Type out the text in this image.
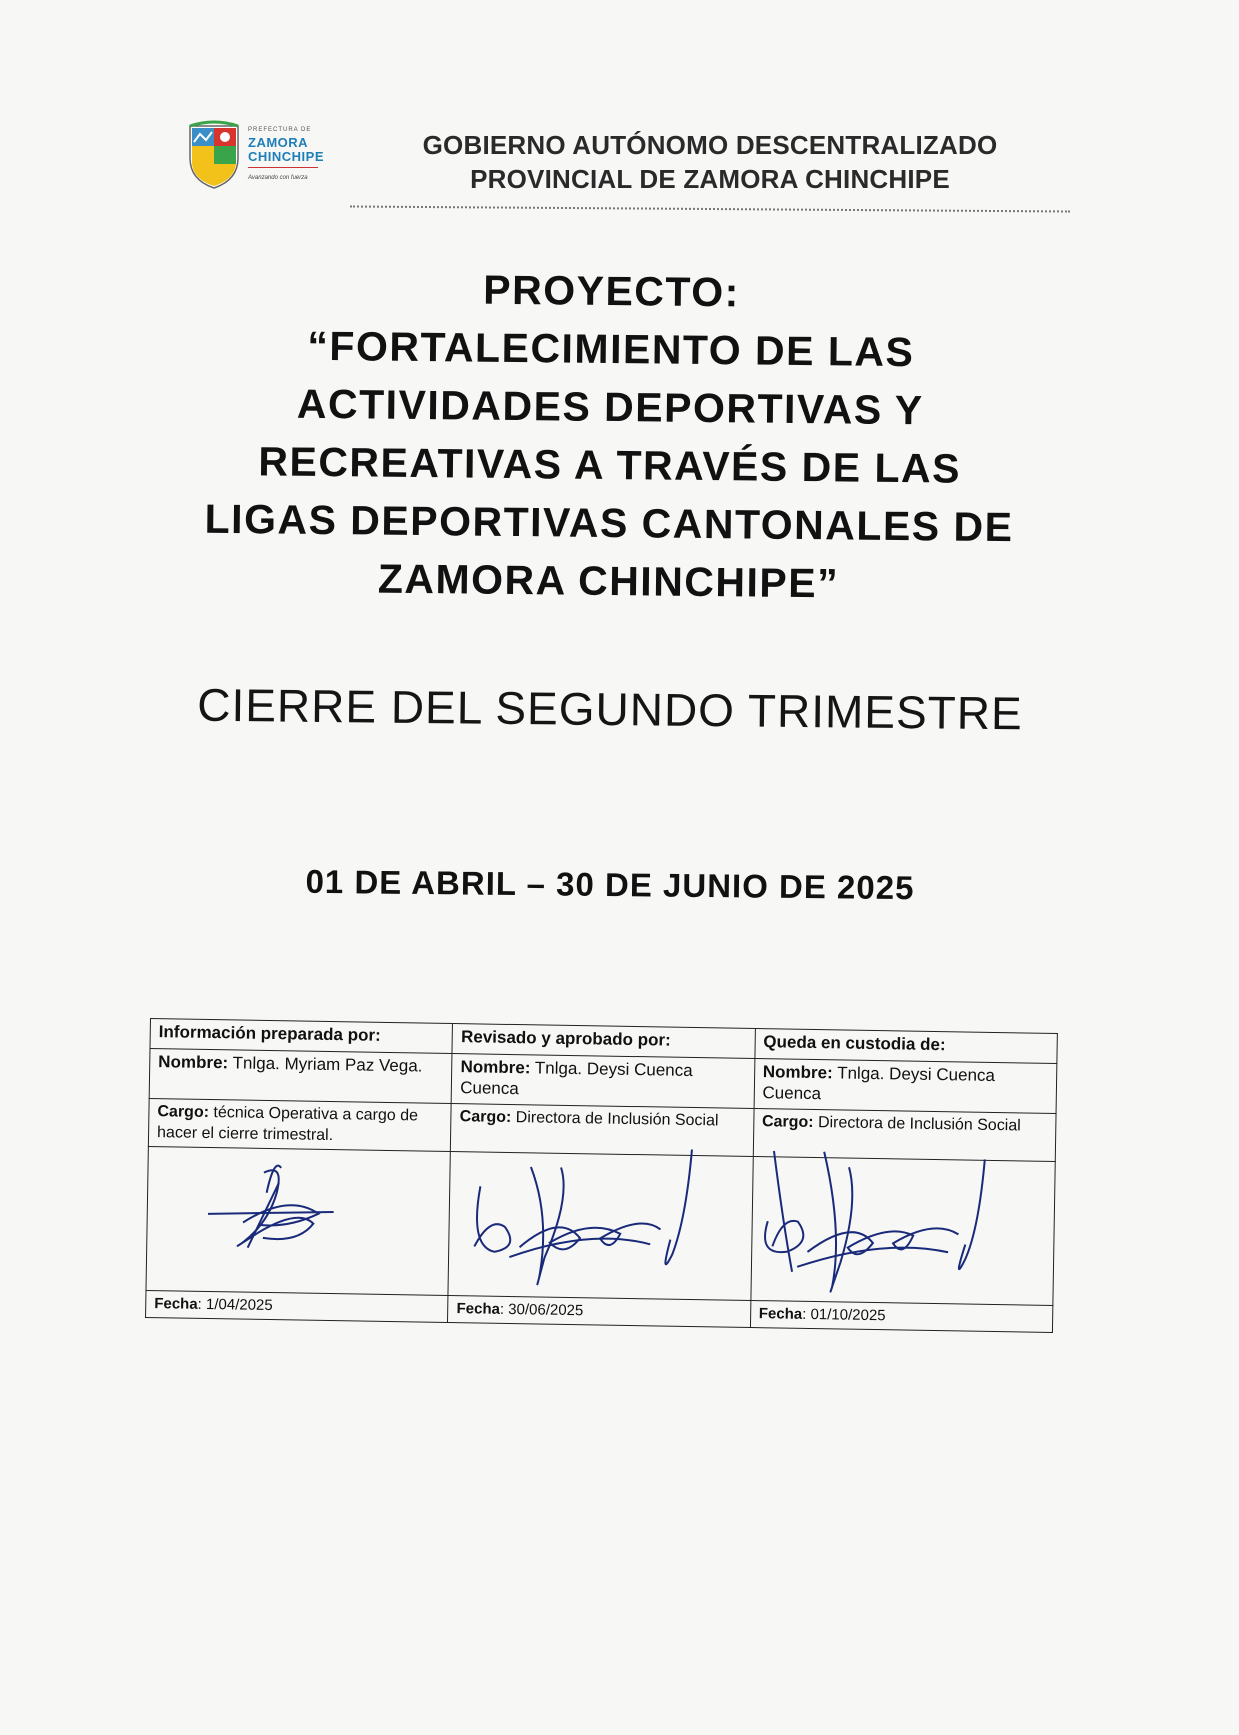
PREFECTURA DE
ZAMORA
CHINCHIPE
Avanzando con fuerza
GOBIERNO AUTÓNOMO DESCENTRALIZADO
PROVINCIAL DE ZAMORA CHINCHIPE
PROYECTO:
“FORTALECIMIENTO DE LAS
ACTIVIDADES DEPORTIVAS Y
RECREATIVAS A TRAVÉS DE LAS
LIGAS DEPORTIVAS CANTONALES DE
ZAMORA CHINCHIPE”
CIERRE DEL SEGUNDO TRIMESTRE
01 DE ABRIL – 30 DE JUNIO DE 2025
Información preparada por:	Revisado y aprobado por:	Queda en custodia de:
Nombre: Tnlga. Myriam Paz Vega.	Nombre: Tnlga. Deysi Cuenca Cuenca	Nombre: Tnlga. Deysi Cuenca Cuenca
Cargo: técnica Operativa a cargo de hacer el cierre trimestral.	Cargo: Directora de Inclusión Social	Cargo: Directora de Inclusión Social

Fecha: 1/04/2025	Fecha: 30/06/2025	Fecha: 01/10/2025
